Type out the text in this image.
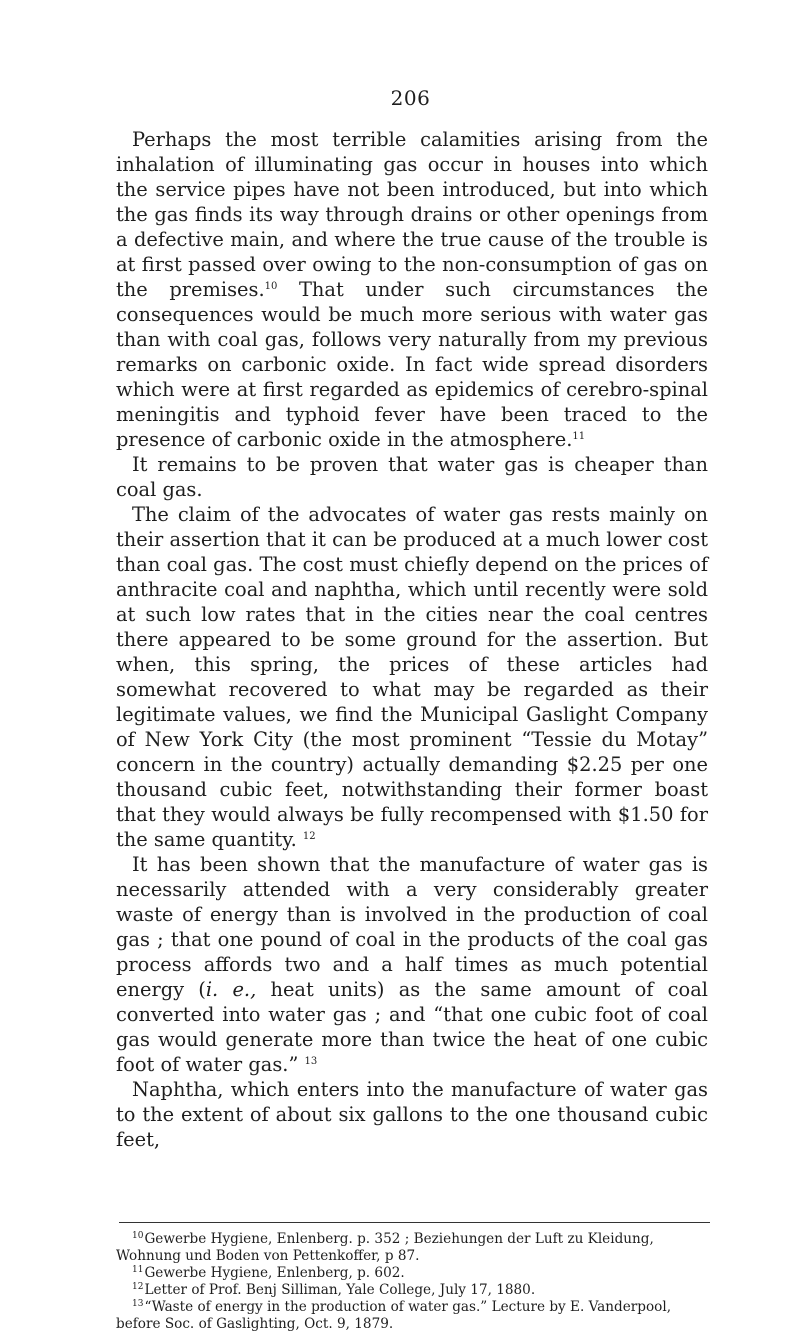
206

Perhaps the most terrible calamities arising from the inhalation of illuminating gas occur in houses into which the service pipes have not been introduced, but into which the gas finds its way through drains or other openings from a defective main, and where the true cause of the trouble is at first passed over owing to the non-consumption of gas on the premises.$^{10}$ That under such circumstances the consequences would be much more serious with water gas than with coal gas, follows very naturally from my previous remarks on carbonic oxide. In fact wide spread disorders which were at first regarded as epidemics of cerebro-spinal meningitis and typhoid fever have been traced to the presence of carbonic oxide in the atmosphere.$^{11}$

It remains to be proven that water gas is cheaper than coal gas.

The claim of the advocates of water gas rests mainly on their assertion that it can be produced at a much lower cost than coal gas. The cost must chiefly depend on the prices of anthracite coal and naphtha, which until recently were sold at such low rates that in the cities near the coal centres there appeared to be some ground for the assertion. But when, this spring, the prices of these articles had somewhat recovered to what may be regarded as their legitimate values, we find the Municipal Gaslight Company of New York City (the most prominent “Tessie du Motay” concern in the country) actually demanding $2.25 per one thousand cubic feet, notwithstanding their former boast that they would always be fully recompensed with $1.50 for the same quantity. $^{12}$

It has been shown that the manufacture of water gas is necessarily attended with a very considerably greater waste of energy than is involved in the production of coal gas ; that one pound of coal in the products of the coal gas process affords two and a half times as much potential energy (i. e., heat units) as the same amount of coal converted into water gas ; and “that one cubic foot of coal gas would generate more than twice the heat of one cubic foot of water gas.” $^{13}$

Naphtha, which enters into the manufacture of water gas to the extent of about six gallons to the one thousand cubic feet,

$^{10}$Gewerbe Hygiene, Enlenberg. p. 352 ; Beziehungen der Luft zu Kleidung, Wohnung und Boden von Pettenkoffer, p 87.

$^{11}$Gewerbe Hygiene, Enlenberg, p. 602.

$^{12}$Letter of Prof. Benj Silliman, Yale College, July 17, 1880.

$^{13}$“Waste of energy in the production of water gas.” Lecture by E. Vanderpool, before Soc. of Gaslighting, Oct. 9, 1879.
